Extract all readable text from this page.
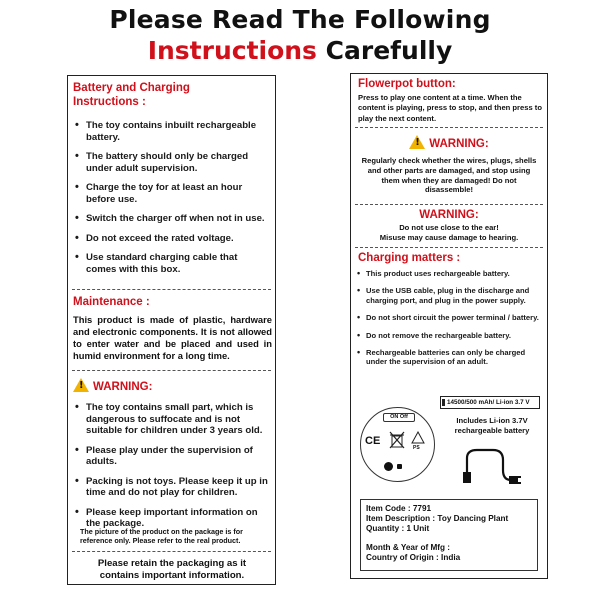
Please Read The Following
Instructions Carefully
Battery and Charging
Instructions :
• The toy contains inbuilt rechargeable battery.
• The battery should only be charged under adult supervision.
• Charge the toy for at least an hour before use.
• Switch the charger off when not in use.
• Do not exceed the rated voltage.
• Use standard charging cable that comes with this box.
Maintenance :
This product is made of plastic, hardware and electronic components. It is not allowed to enter water and be placed and used in humid environment for a long time.
!WARNING:
• The toy contains small part, which is dangerous to suffocate and is not suitable for children under 3 years old.
• Please play under the supervision of adults.
• Packing is not toys. Please keep it up in time and do not play for children.
• Please keep important information on the package.
The picture of the product on the package is for reference only. Please refer to the real product.
Please retain the packaging as it contains important information.
Flowerpot button:
Press to play one content at a time. When the content is playing, press to stop, and then press to play the next content.
!WARNING:
Regularly check whether the wires, plugs, shells and other parts are damaged, and stop using them when they are damaged! Do not disassemble!
WARNING:
Do not use close to the ear!
Misuse may cause damage to hearing.
Charging matters :
• This product uses rechargeable battery.
• Use the USB cable, plug in the discharge and charging port, and plug in the power supply.
• Do not short circuit the power terminal / battery.
• Do not remove the rechargeable battery.
• Rechargeable batteries can only be charged under the supervision of an adult.
ON Off
CE
PS
14500/500 mAh/ Li-ion 3.7 V
Includes Li-ion 3.7V rechargeable battery
Item Code : 7791
Item Description : Toy Dancing Plant
Quantity : 1 Unit
Month & Year of Mfg :
Country of Origin : India
